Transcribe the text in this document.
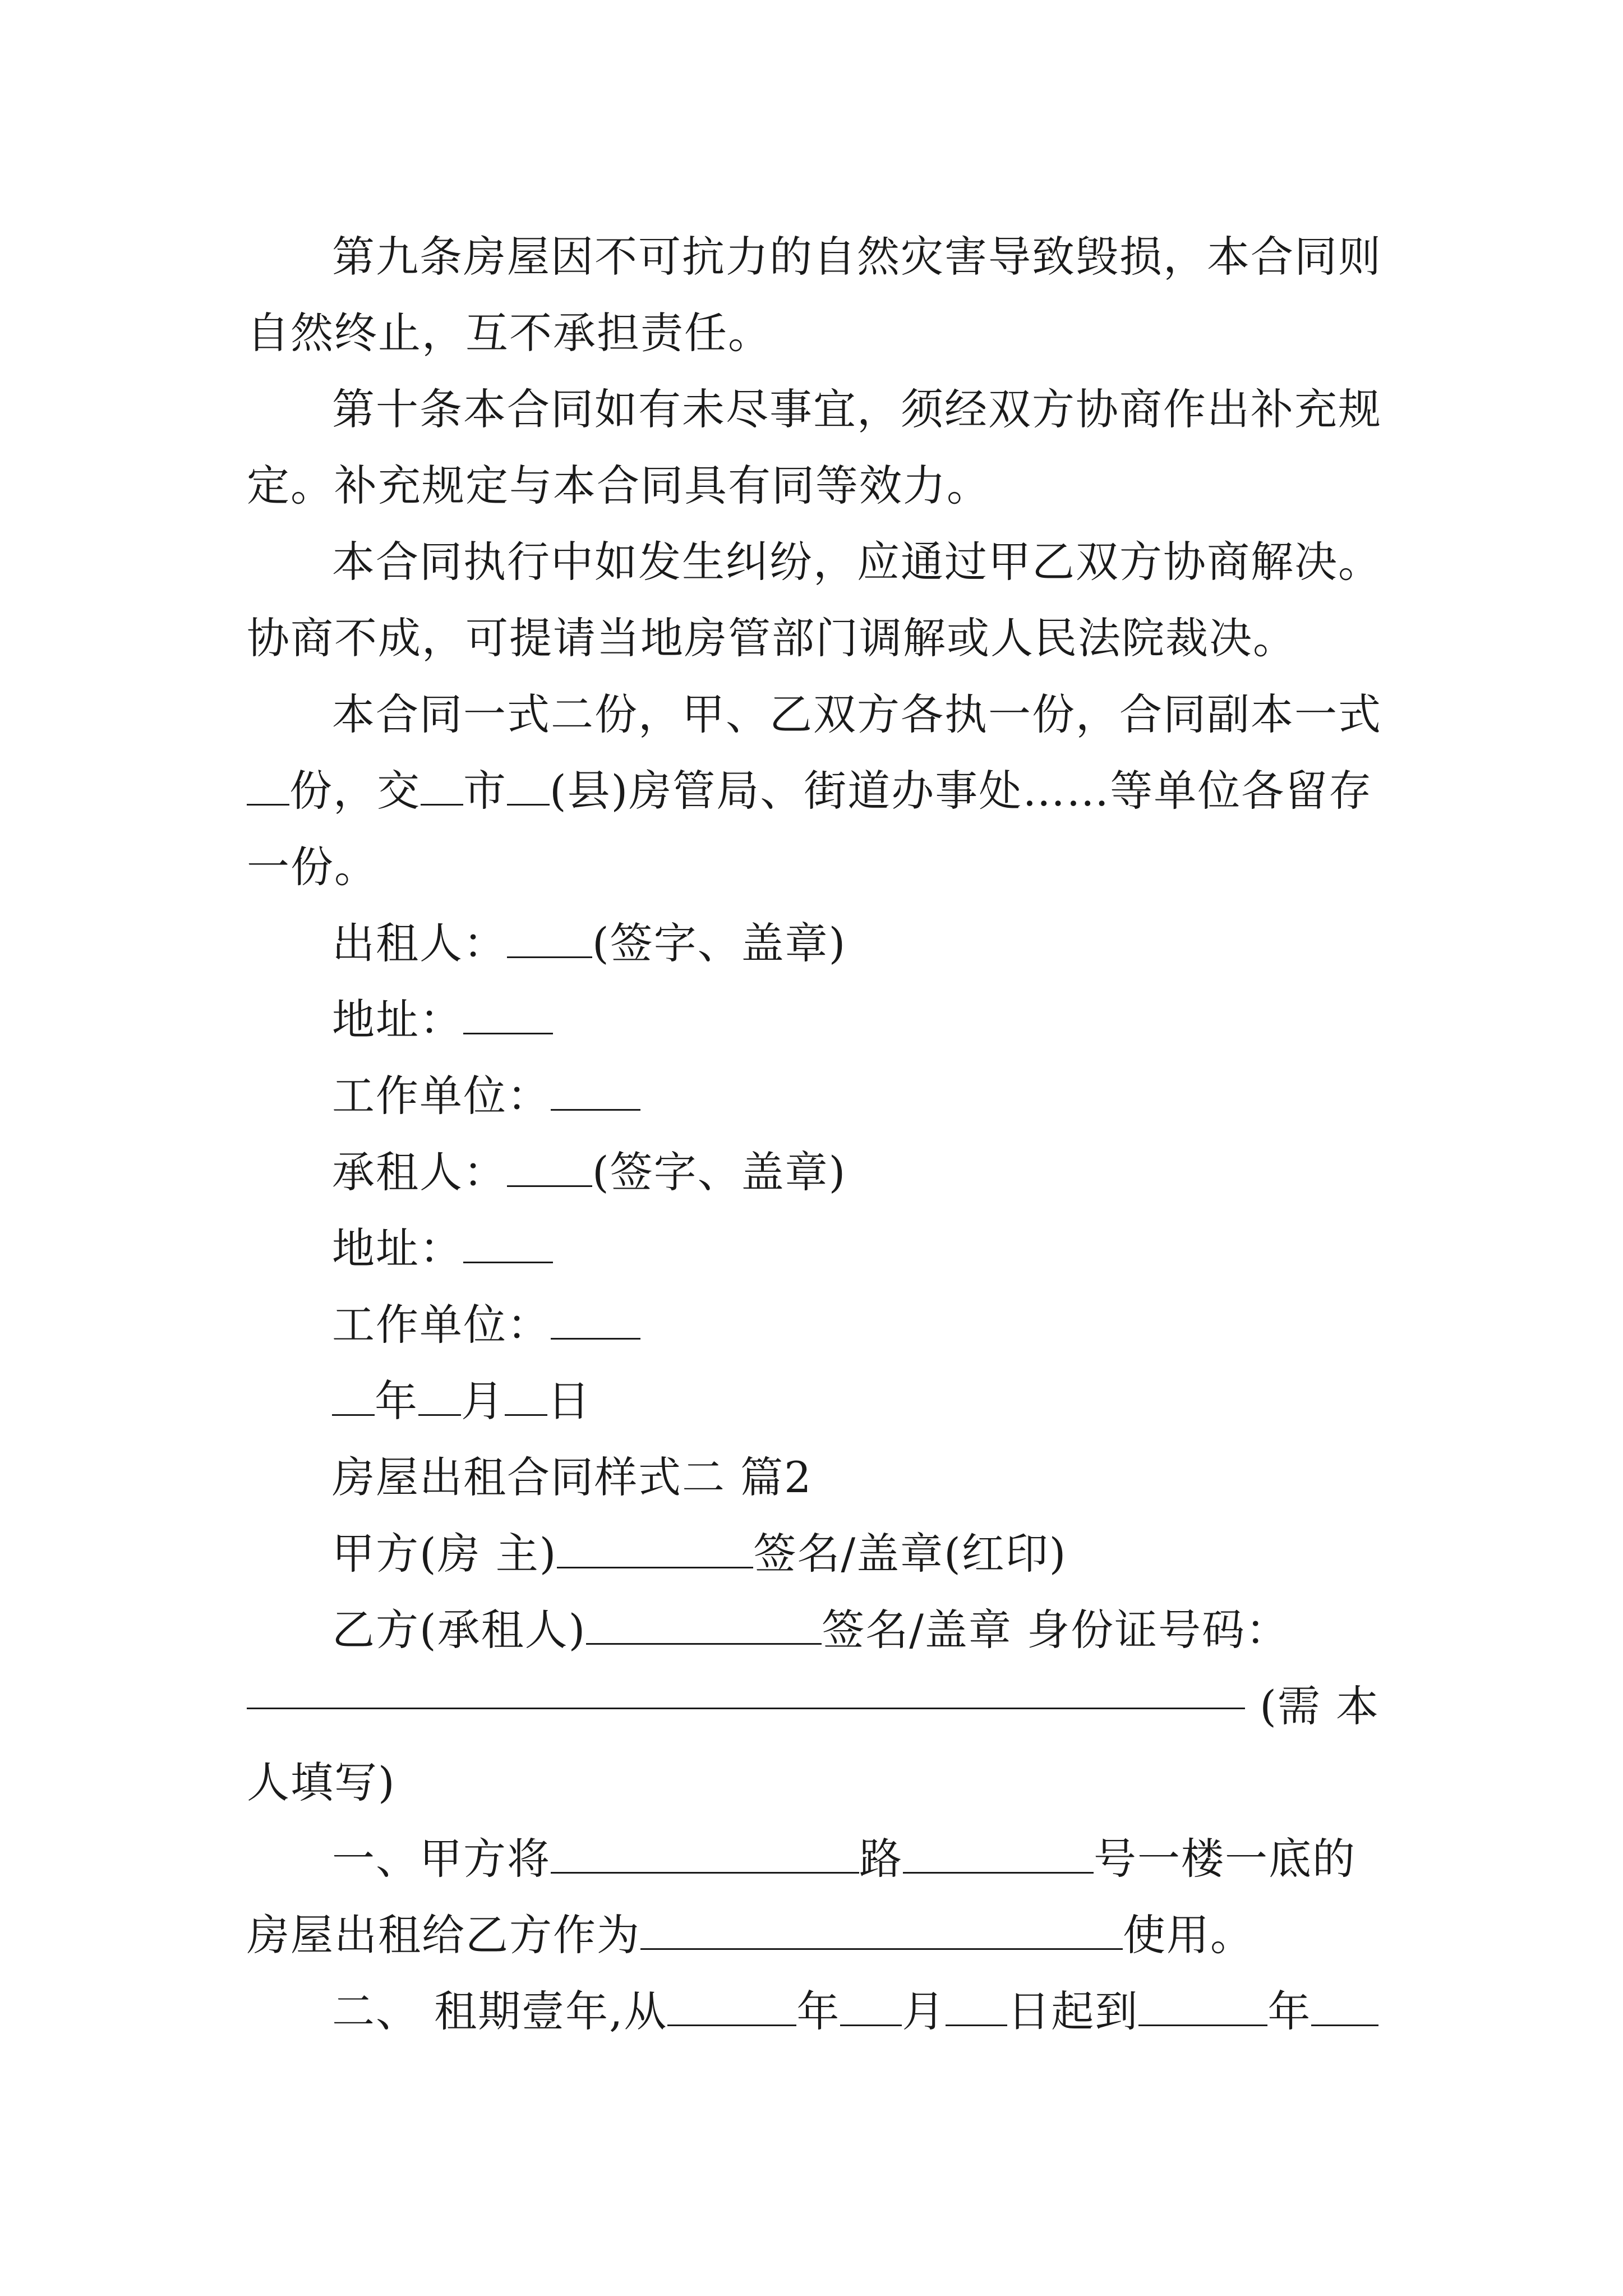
第九条房屋因不可抗力的自然灾害导致毁损，本合同则
自然终止，互不承担责任。
第十条本合同如有未尽事宜，须经双方协商作出补充规
定。补充规定与本合同具有同等效力。
本合同执行中如发生纠纷，应通过甲乙双方协商解决。
协商不成，可提请当地房管部门调解或人民法院裁决。
本合同一式二份，甲、乙双方各执一份，合同副本一式
份，交 市 (县)房管局、街道办事处……等单位各留存
一份。
出租人： (签字、盖章)
地址：
工作单位：
承租人： (签字、盖章)
地址：
工作单位：
年 月 日
房屋出租合同样式二 篇2
甲方(房 主)	签名/盖章(红印)
乙方(承租人)	签名/盖章 身份证号码：
(需 本
人填写)
一、甲方将	路	号一楼一底的
房屋出租给乙方作为	使用。
二、 租期壹年,从	年 月 日起到	年
